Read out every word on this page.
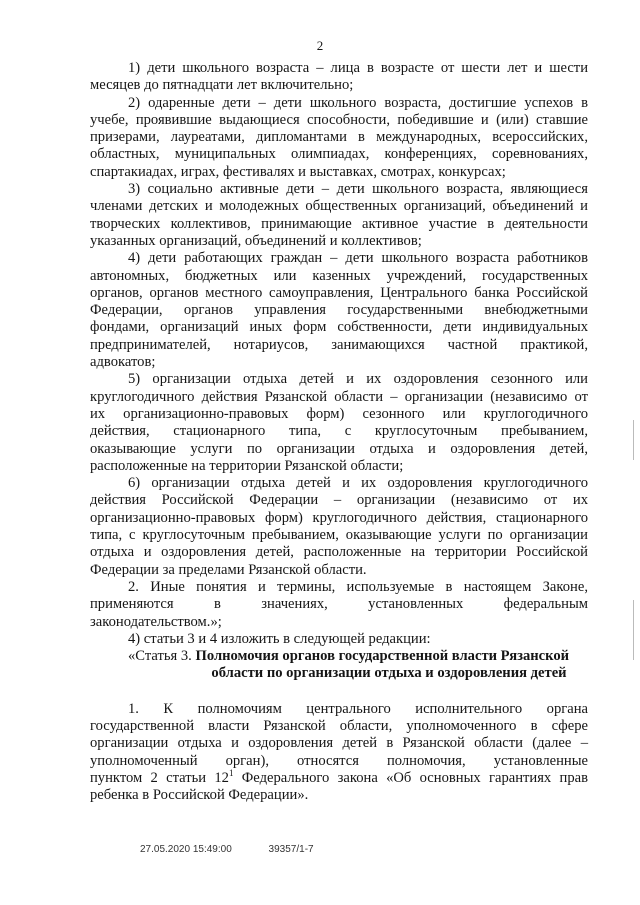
2

1) дети школьного возраста – лица в возрасте от шести лет и шести

месяцев до пятнадцати лет включительно;

2) одаренные дети – дети школьного возраста, достигшие успехов в

учебе, проявившие выдающиеся способности, победившие и (или) ставшие

призерами, лауреатами, дипломантами в международных, всероссийских,

областных, муниципальных олимпиадах, конференциях, соревнованиях,

спартакиадах, играх, фестивалях и выставках, смотрах, конкурсах;

3) социально активные дети – дети школьного возраста, являющиеся

членами детских и молодежных общественных организаций, объединений и

творческих коллективов, принимающие активное участие в деятельности

указанных организаций, объединений и коллективов;

4) дети работающих граждан – дети школьного возраста работников

автономных, бюджетных или казенных учреждений, государственных

органов, органов местного самоуправления, Центрального банка Российской

Федерации, органов управления государственными внебюджетными

фондами, организаций иных форм собственности, дети индивидуальных

предпринимателей, нотариусов, занимающихся частной практикой,

адвокатов;

5) организации отдыха детей и их оздоровления сезонного или

круглогодичного действия Рязанской области – организации (независимо от

их организационно-правовых форм) сезонного или круглогодичного

действия, стационарного типа, с круглосуточным пребыванием,

оказывающие услуги по организации отдыха и оздоровления детей,

расположенные на территории Рязанской области;

6) организации отдыха детей и их оздоровления круглогодичного

действия Российской Федерации – организации (независимо от их

организационно-правовых форм) круглогодичного действия, стационарного

типа, с круглосуточным пребыванием, оказывающие услуги по организации

отдыха и оздоровления детей, расположенные на территории Российской

Федерации за пределами Рязанской области.

2. Иные понятия и термины, используемые в настоящем Законе,

применяются в значениях, установленных федеральным

законодательством.»;

4) статьи 3 и 4 изложить в следующей редакции:

«Статья 3. Полномочия органов государственной власти Рязанской

области по организации отдыха и оздоровления детей

1. К полномочиям центрального исполнительного органа

государственной власти Рязанской области, уполномоченного в сфере

организации отдыха и оздоровления детей в Рязанской области (далее –

уполномоченный орган), относятся полномочия, установленные

пунктом 2 статьи $12^1$ Федерального закона «Об основных гарантиях прав

ребенка в Российской Федерации».

27.05.2020 15:49:00	39357/1-7
